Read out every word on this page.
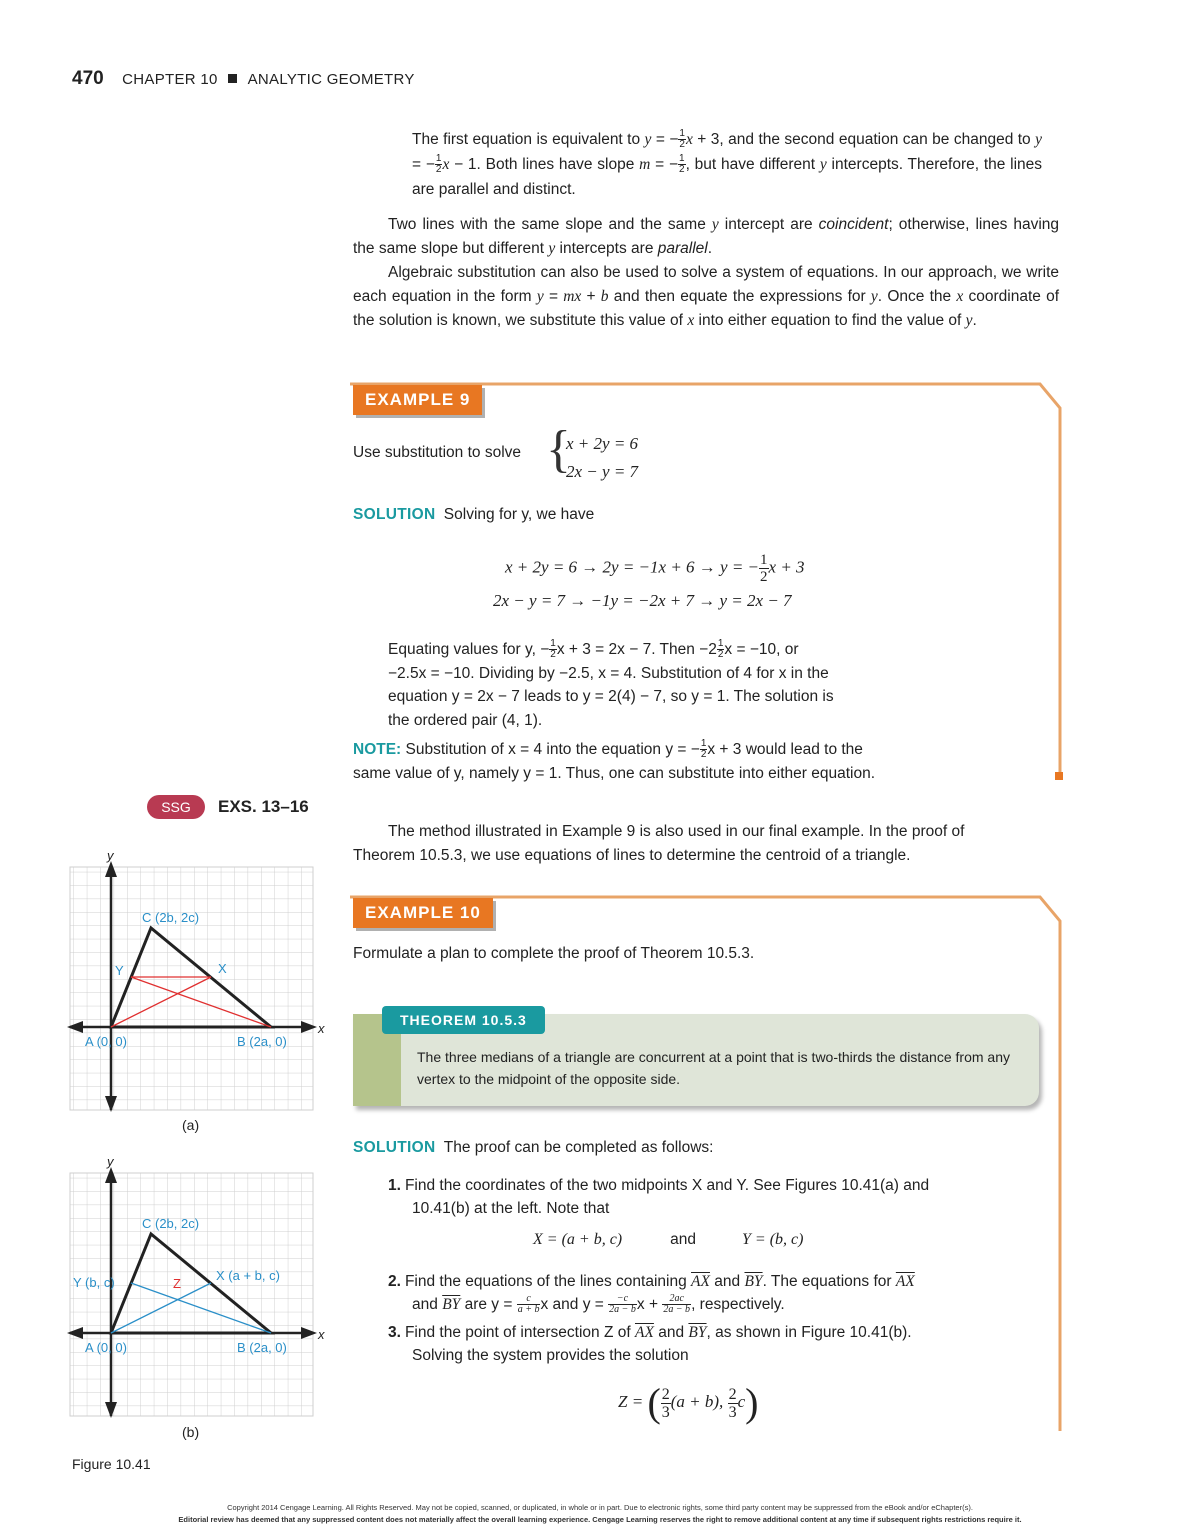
470 CHAPTER 10 ANALYTIC GEOMETRY
The first equation is equivalent to y = − $\frac{1}{2}$ x + 3, and the second equation can be changed to y = − $\frac{1}{2}$ x − 1. Both lines have slope m = − $\frac{1}{2}$ , but have different y intercepts. Therefore, the lines are parallel and distinct.

Two lines with the same slope and the same y intercept are coincident; otherwise, lines having the same slope but different y intercepts are parallel.

Algebraic substitution can also be used to solve a system of equations. In our approach, we write each equation in the form y = mx + b and then equate the expressions for y. Once the x coordinate of the solution is known, we substitute this value of x into either equation to find the value of y.

EXAMPLE 9
Use substitution to solve {
x + 2y = 6
2x − y = 7
SOLUTION Solving for y, we have
x + 2y = 6 → 2y = −1x + 6 → y = − $\frac{1}{2}$ x + 3
2x − y = 7 → −1y = −2x + 7 → y = 2x − 7
Equating values for y, − $\frac{1}{2}$ x + 3 = 2x − 7. Then $-2 \frac{1}{2}$ x = −10, or
−2.5x = −10. Dividing by −2.5, x = 4. Substitution of 4 for x in the
equation y = 2x − 7 leads to y = 2(4) − 7, so y = 1. The solution is
the ordered pair (4, 1).
NOTE: Substitution of x = 4 into the equation y = − $\frac{1}{2}$ x + 3 would lead to the
same value of y, namely y = 1. Thus, one can substitute into either equation.
SSG	EXS. 13–16

The method illustrated in Example 9 is also used in our final example. In the proof of

Theorem 10.5.3, we use equations of lines to determine the centroid of a triangle.

EXAMPLE 10
Formulate a plan to complete the proof of Theorem 10.5.3.
THEOREM 10.5.3
The three medians of a triangle are concurrent at a point that is two-thirds the distance from any vertex to the midpoint of the opposite side.
SOLUTION The proof can be completed as follows:
1. Find the coordinates of the two midpoints X and Y. See Figures 10.41(a) and
10.41(b) at the left. Note that
X = (a + b, c)	and	Y = (b, c)
2. Find the equations of the lines containing $\overline{AX}$ and $\overline{BY}$. The equations for $\overline{AX}$
and $\overline{BY}$ are $y = \frac{c}{a + b}$ x and $y = \frac{-c}{2a - b}$ $x + \frac{2ac}{2a - b}$ , respectively.
3. Find the point of intersection Z of $\overline{AX}$ and $\overline{BY}$, as shown in Figure 10.41(b).
Solving the system provides the solution
Z = ( $\frac{2}{3} (a + b)$, $\frac{2}{3} c$)
y
x
C (2b, 2c)
A (0, 0)	B (2a, 0)
X
Y
(a)
y
x
C (2b, 2c)
A (0, 0)	B (2a, 0)
X (a + b, c)
Y (b, c)	Z
(b)
Figure 10.41
Copyright 2014 Cengage Learning. All Rights Reserved. May not be copied, scanned, or duplicated, in whole or in part. Due to electronic rights, some third party content may be suppressed from the eBook and/or eChapter(s).
Editorial review has deemed that any suppressed content does not materially affect the overall learning experience. Cengage Learning reserves the right to remove additional content at any time if subsequent rights restrictions require it.
